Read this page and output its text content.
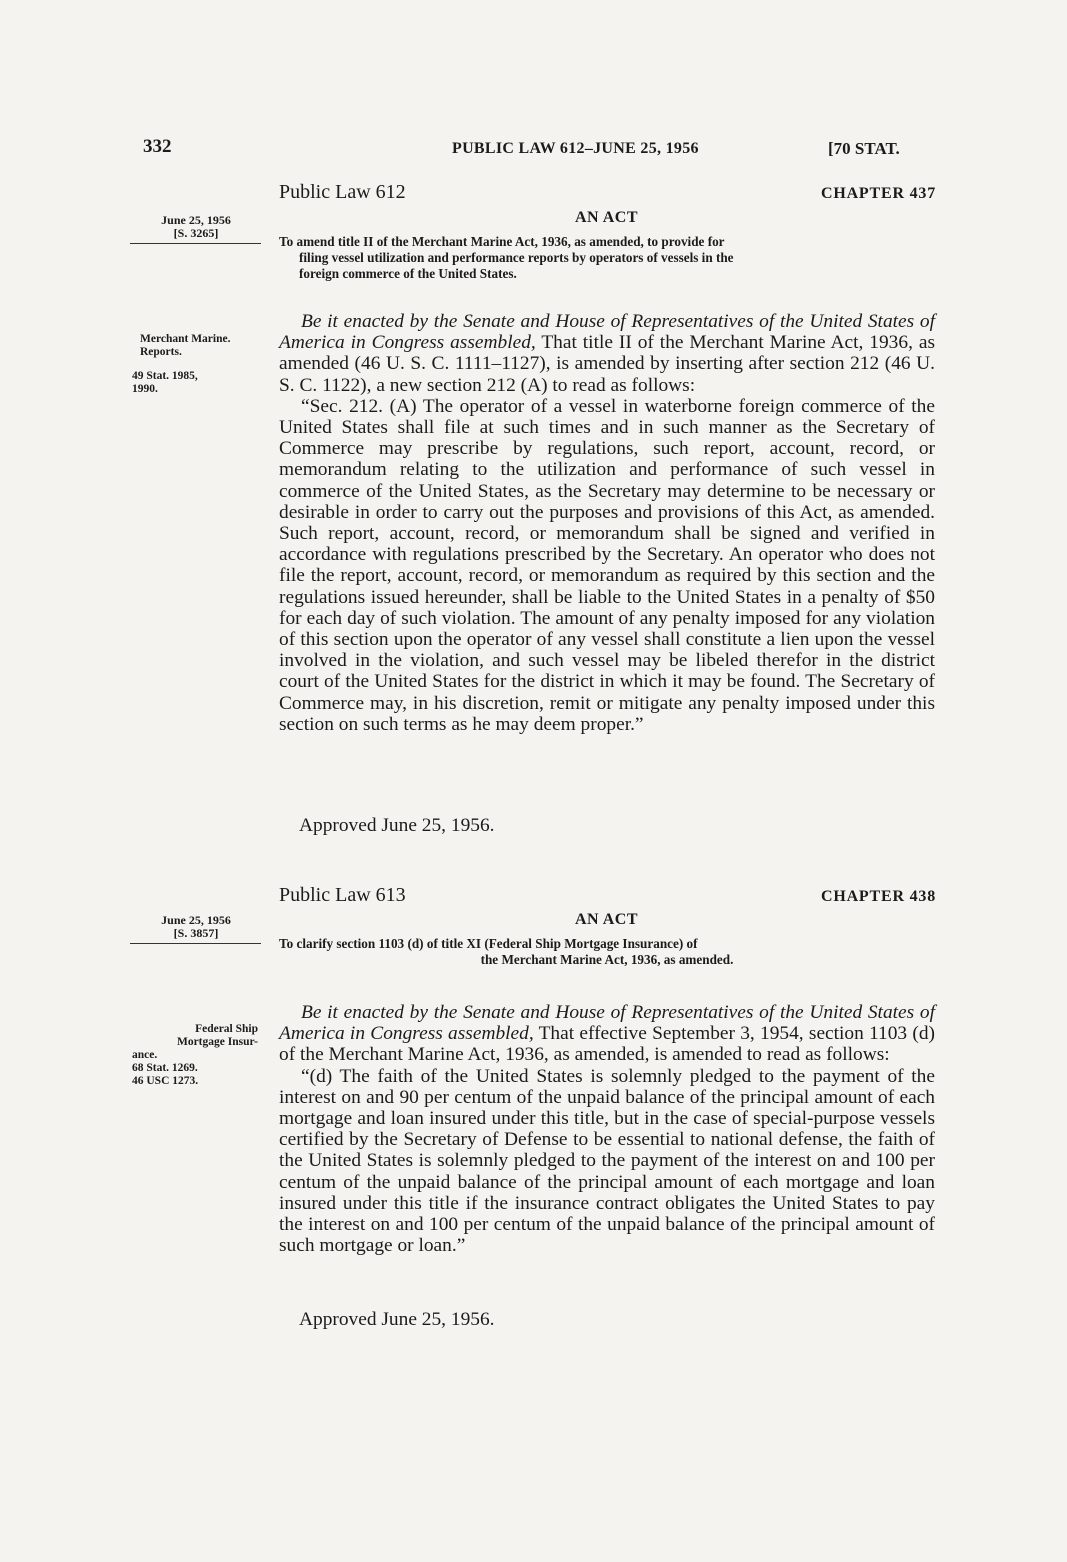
332	PUBLIC LAW 612–JUNE 25, 1956	[70 STAT.
Public Law 612	CHAPTER 437
AN ACT
June 25, 1956
[S. 3265]
To amend title II of the Merchant Marine Act, 1936, as amended, to provide for
filing vessel utilization and performance reports by operators of vessels in the
foreign commerce of the United States.
Merchant Marine.
Reports.
49 Stat. 1985,
1990.

Be it enacted by the Senate and House of Representatives of the United States of America in Congress assembled, That title II of the Merchant Marine Act, 1936, as amended (46 U. S. C. 1111–1127), is amended by inserting after section 212 (46 U. S. C. 1122), a new section 212 (A) to read as follows:

“Sec. 212. (A) The operator of a vessel in waterborne foreign commerce of the United States shall file at such times and in such manner as the Secretary of Commerce may prescribe by regulations, such report, account, record, or memorandum relating to the utilization and performance of such vessel in commerce of the United States, as the Secretary may determine to be necessary or desirable in order to carry out the purposes and provisions of this Act, as amended. Such report, account, record, or memorandum shall be signed and verified in accordance with regulations prescribed by the Secretary. An operator who does not file the report, account, record, or memorandum as required by this section and the regulations issued hereunder, shall be liable to the United States in a penalty of $50 for each day of such violation. The amount of any penalty imposed for any violation of this section upon the operator of any vessel shall constitute a lien upon the vessel involved in the violation, and such vessel may be libeled therefor in the district court of the United States for the district in which it may be found. The Secretary of Commerce may, in his discretion, remit or mitigate any penalty imposed under this section on such terms as he may deem proper.”

Approved June 25, 1956.
Public Law 613	CHAPTER 438
AN ACT
June 25, 1956
[S. 3857]
To clarify section 1103 (d) of title XI (Federal Ship Mortgage Insurance) of
the Merchant Marine Act, 1936, as amended.
Federal Ship
Mortgage Insur-
ance.
68 Stat. 1269.
46 USC 1273.

Be it enacted by the Senate and House of Representatives of the United States of America in Congress assembled, That effective September 3, 1954, section 1103 (d) of the Merchant Marine Act, 1936, as amended, is amended to read as follows:

“(d) The faith of the United States is solemnly pledged to the payment of the interest on and 90 per centum of the unpaid balance of the principal amount of each mortgage and loan insured under this title, but in the case of special-purpose vessels certified by the Secretary of Defense to be essential to national defense, the faith of the United States is solemnly pledged to the payment of the interest on and 100 per centum of the unpaid balance of the principal amount of each mortgage and loan insured under this title if the insurance contract obligates the United States to pay the interest on and 100 per centum of the unpaid balance of the principal amount of such mortgage or loan.”

Approved June 25, 1956.
